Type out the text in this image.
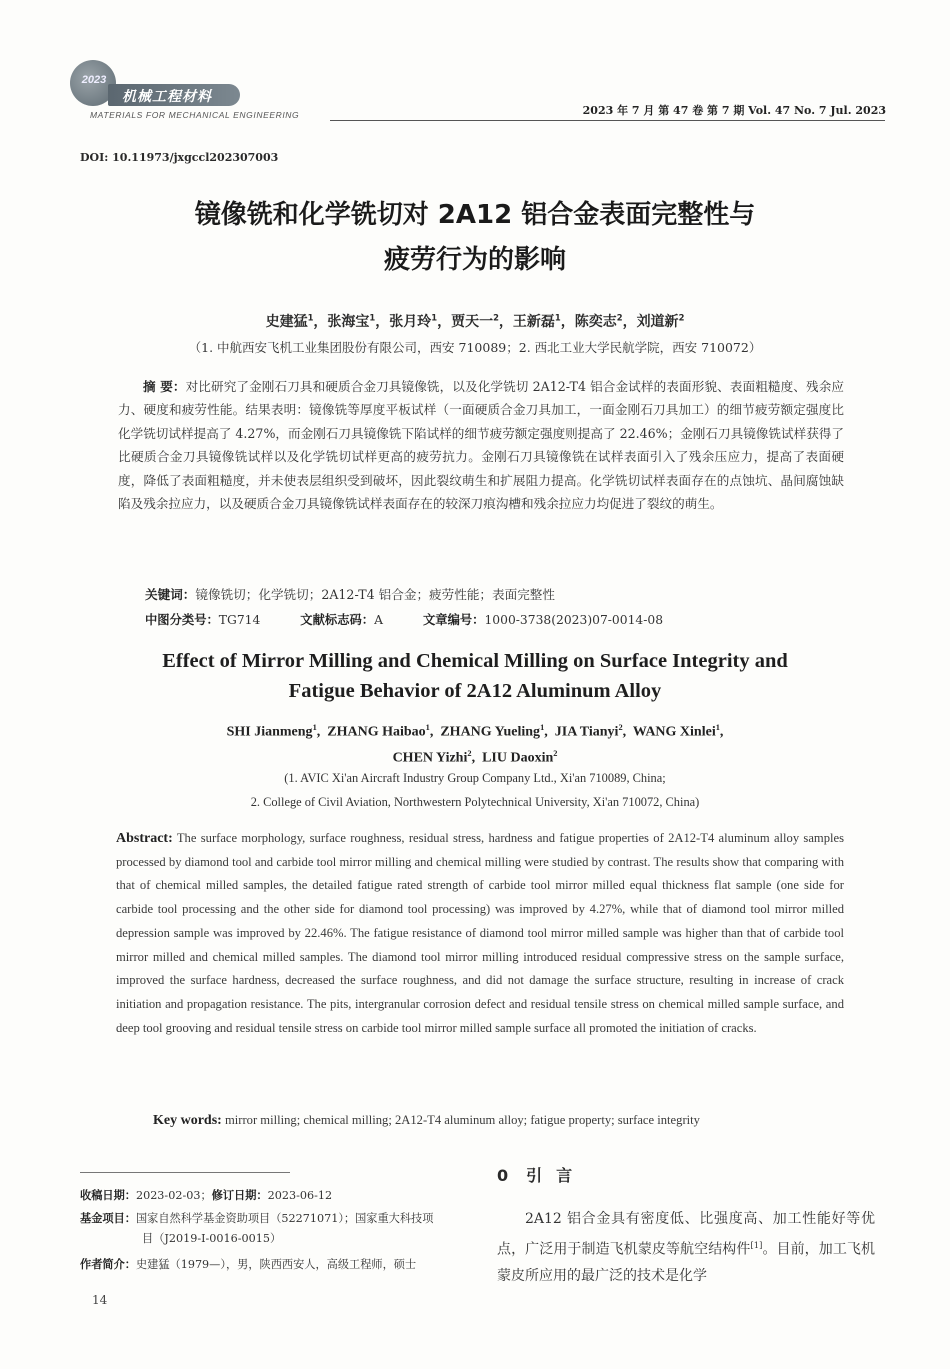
2023
机械工程材料
MATERIALS FOR MECHANICAL ENGINEERING	2023 年 7 月 第 47 卷 第 7 期 Vol. 47 No. 7 Jul. 2023
DOI: 10.11973/jxgccl202307003
镜像铣和化学铣切对 2A12 铝合金表面完整性与
疲劳行为的影响
史建猛$^1$，张海宝$^1$，张月玲$^1$，贾天一$^2$，王新磊$^1$，陈奕志$^2$，刘道新$^2$
（1. 中航西安飞机工业集团股份有限公司，西安 710089；2. 西北工业大学民航学院，西安 710072）
摘 要：对比研究了金刚石刀具和硬质合金刀具镜像铣，以及化学铣切 2A12-T4 铝合金试样的表面形貌、表面粗糙度、残余应力、硬度和疲劳性能。结果表明：镜像铣等厚度平板试样（一面硬质合金刀具加工，一面金刚石刀具加工）的细节疲劳额定强度比化学铣切试样提高了 4.27%，而金刚石刀具镜像铣下陷试样的细节疲劳额定强度则提高了 22.46%；金刚石刀具镜像铣试样获得了比硬质合金刀具镜像铣试样以及化学铣切试样更高的疲劳抗力。金刚石刀具镜像铣在试样表面引入了残余压应力，提高了表面硬度，降低了表面粗糙度，并未使表层组织受到破坏，因此裂纹萌生和扩展阻力提高。化学铣切试样表面存在的点蚀坑、晶间腐蚀缺陷及残余拉应力，以及硬质合金刀具镜像铣试样表面存在的较深刀痕沟槽和残余拉应力均促进了裂纹的萌生。
关键词：镜像铣切；化学铣切；2A12-T4 铝合金；疲劳性能；表面完整性
中图分类号：TG714	文献标志码：A	文章编号：1000-3738(2023)07-0014-08
Effect of Mirror Milling and Chemical Milling on Surface Integrity and
Fatigue Behavior of 2A12 Aluminum Alloy
SHI Jianmeng$^1$,  ZHANG Haibao$^1$,  ZHANG Yueling$^1$,  JIA Tianyi$^2$,  WANG Xinlei$^1$,
CHEN Yizhi$^2$,  LIU Daoxin$^2$
(1. AVIC Xi'an Aircraft Industry Group Company Ltd., Xi'an 710089, China;
2. College of Civil Aviation, Northwestern Polytechnical University, Xi'an 710072, China)
Abstract: The surface morphology, surface roughness, residual stress, hardness and fatigue properties of 2A12-T4 aluminum alloy samples processed by diamond tool and carbide tool mirror milling and chemical milling were studied by contrast. The results show that comparing with that of chemical milled samples, the detailed fatigue rated strength of carbide tool mirror milled equal thickness flat sample (one side for carbide tool processing and the other side for diamond tool processing) was improved by 4.27%, while that of diamond tool mirror milled depression sample was improved by 22.46%. The fatigue resistance of diamond tool mirror milled sample was higher than that of carbide tool mirror milled and chemical milled samples. The diamond tool mirror milling introduced residual compressive stress on the sample surface, improved the surface hardness, decreased the surface roughness, and did not damage the surface structure, resulting in increase of crack initiation and propagation resistance. The pits, intergranular corrosion defect and residual tensile stress on chemical milled sample surface, and deep tool grooving and residual tensile stress on carbide tool mirror milled sample surface all promoted the initiation of cracks.
Key words: mirror milling; chemical milling; 2A12-T4 aluminum alloy; fatigue property; surface integrity
收稿日期：2023-02-03；修订日期：2023-06-12
基金项目：国家自然科学基金资助项目（52271071）；国家重大科技项
目（J2019-I-0016-0015）
作者简介：史建猛（1979—），男，陕西西安人，高级工程师，硕士
14
0 引 言
2A12 铝合金具有密度低、比强度高、加工性能好等优点，广泛用于制造飞机蒙皮等航空结构件[1]。目前，加工飞机蒙皮所应用的最广泛的技术是化学
